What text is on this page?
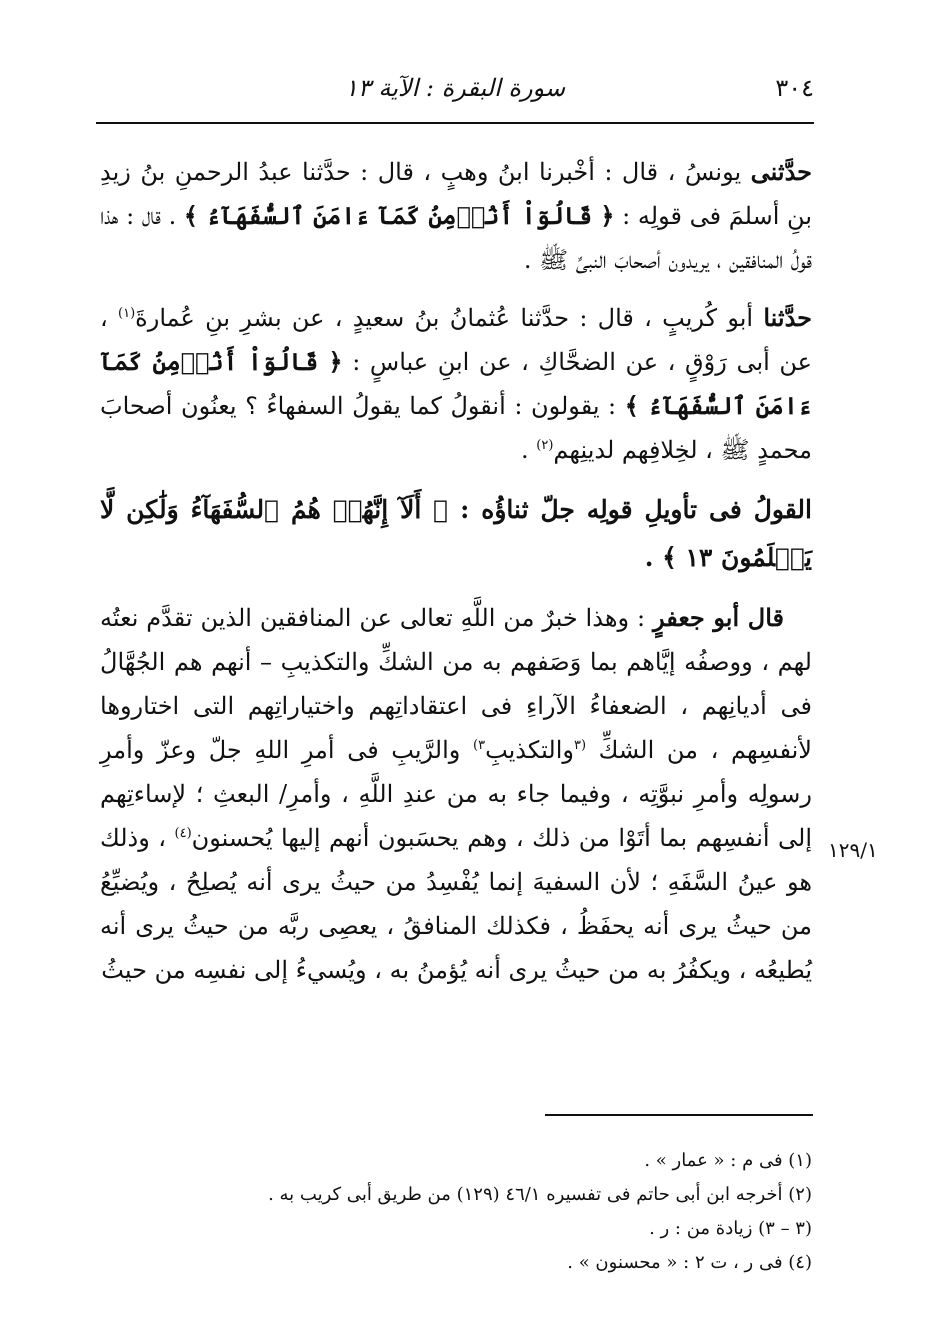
٣٠٤
سورة البقرة : الآية ١٣

حدَّثنى يونسُ ، قال : أخْبرنا ابنُ وهبٍ ، قال : حدَّثنا عبدُ الرحمنِ بنُ زيدِ بنِ أسلمَ فى قولِه : ﴿ قَالُوٓاْ أَنُؤۡمِنُ كَمَآ ءَامَنَ ٱلسُّفَهَآءُ ﴾ . قال : هذا قولُ المنافقين ، يريدون أصحابَ النبىِّ ﷺ .

حدَّثنا أبو كُريبٍ ، قال : حدَّثنا عُثمانُ بنُ سعيدٍ ، عن بشرِ بنِ عُمارةَ$^{(١)}$ ، عن أبى رَوْقٍ ، عن الضحَّاكِ ، عن ابنِ عباسٍ : ﴿ قَالُوٓاْ أَنُؤۡمِنُ كَمَآ ءَامَنَ ٱلسُّفَهَآءُ ﴾ : يقولون : أنقولُ كما يقولُ السفهاءُ ؟ يعنُون أصحابَ محمدٍ ﷺ ، لخِلافِهم لدينِهم$^{(٢)}$ .

القولُ فى تأويلِ قولِه جلّ ثناؤُه : ﴿ أَلَآ إِنَّهُمۡ هُمُ ٱلسُّفَهَآءُ وَلَٰكِن لَّا يَعۡلَمُونَ ١٣ ﴾ .

قال أبو جعفرٍ : وهذا خبرٌ من اللَّهِ تعالى عن المنافقين الذين تقدَّم نعتُه لهم ، ووصفُه إيَّاهم بما وَصَفهم به من الشكِّ والتكذيبِ – أنهم هم الجُهَّالُ فى أديانِهم ، الضعفاءُ الآراءِ فى اعتقاداتِهم واختياراتِهم التى اختاروها لأنفسِهم ، من الشكِّ $^{(٣}$والتكذيبِ$^{٣)}$ والرَّيبِ فى أمرِ اللهِ جلّ وعزّ وأمرِ رسولِه وأمرِ نبوَّتِه ، وفيما جاء به من عندِ اللَّهِ ، وأمرِ/ البعثِ ؛ لإساءتِهم إلى أنفسِهم بما أتَوْا من ذلك ، وهم يحسَبون أنهم إليها يُحسنون$^{(٤)}$ ، وذلك هو عينُ السَّفَهِ ؛ لأن السفيهَ إنما يُفْسِدُ من حيثُ يرى أنه يُصلِحُ ، ويُضيِّعُ من حيثُ يرى أنه يحفَظُ ، فكذلك المنافقُ ، يعصِى ربَّه من حيثُ يرى أنه يُطيعُه ، ويكفُرُ به من حيثُ يرى أنه يُؤمنُ به ، ويُسيءُ إلى نفسِه من حيثُ

١٢٩/١
(١) فى م : « عمار » .
(٢) أخرجه ابن أبى حاتم فى تفسيره ٤٦/١ (١٢٩) من طريق أبى كريب به .
(٣ – ٣) زيادة من : ر .
(٤) فى ر ، ت ٢ : « محسنون » .
